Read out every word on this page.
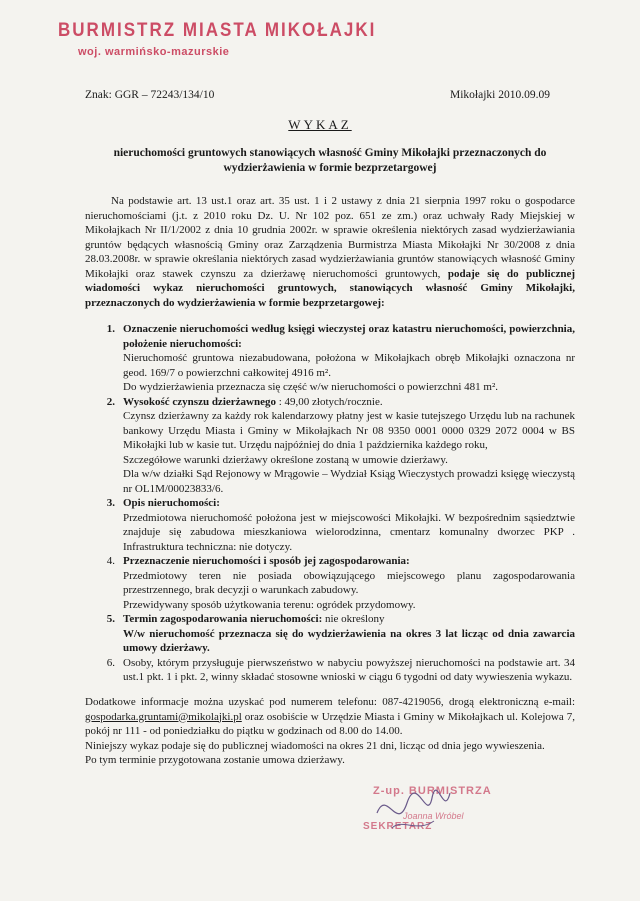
BURMISTRZ MIASTA MIKOŁAJKI
woj. warmińsko-mazurskie
Znak: GGR – 72243/134/10	Mikołajki 2010.09.09
WYKAZ
nieruchomości gruntowych stanowiących własność Gminy Mikołajki przeznaczonych do wydzierżawienia w formie bezprzetargowej

Na podstawie art. 13 ust.1 oraz art. 35 ust. 1 i 2 ustawy z dnia 21 sierpnia 1997 roku o gospodarce nieruchomościami (j.t. z 2010 roku Dz. U. Nr 102 poz. 651 ze zm.) oraz uchwały Rady Miejskiej w Mikołajkach Nr II/1/2002 z dnia 10 grudnia 2002r. w sprawie określenia niektórych zasad wydzierżawiania gruntów będących własnością Gminy oraz Zarządzenia Burmistrza Miasta Mikołajki Nr 30/2008 z dnia 28.03.2008r. w sprawie określania niektórych zasad wydzierżawiania gruntów stanowiących własność Gminy Mikołajki oraz stawek czynszu za dzierżawę nieruchomości gruntowych, podaje się do publicznej wiadomości wykaz nieruchomości gruntowych, stanowiących własność Gminy Mikołajki, przeznaczonych do wydzierżawienia w formie bezprzetargowej:

1. Oznaczenie nieruchomości według księgi wieczystej oraz katastru nieruchomości, powierzchnia, położenie nieruchomości:
Nieruchomość gruntowa niezabudowana, położona w Mikołajkach obręb Mikołajki oznaczona nr geod. 169/7 o powierzchni całkowitej 4916 m².
Do wydzierżawienia przeznacza się część w/w nieruchomości o powierzchni 481 m².
2. Wysokość czynszu dzierżawnego : 49,00 złotych/rocznie.
Czynsz dzierżawny za każdy rok kalendarzowy płatny jest w kasie tutejszego Urzędu lub na rachunek bankowy Urzędu Miasta i Gminy w Mikołajkach Nr 08 9350 0001 0000 0329 2072 0004 w BS Mikołajki lub w kasie tut. Urzędu najpóźniej do dnia 1 października każdego roku,
Szczegółowe warunki dzierżawy określone zostaną w umowie dzierżawy.
Dla w/w działki Sąd Rejonowy w Mrągowie – Wydział Ksiąg Wieczystych prowadzi księgę wieczystą nr OL1M/00023833/6.
3. Opis nieruchomości:
Przedmiotowa nieruchomość położona jest w miejscowości Mikołajki. W bezpośrednim sąsiedztwie znajduje się zabudowa mieszkaniowa wielorodzinna, cmentarz komunalny dworzec PKP . Infrastruktura techniczna: nie dotyczy.
4. Przeznaczenie nieruchomości i sposób jej zagospodarowania:
Przedmiotowy teren nie posiada obowiązującego miejscowego planu zagospodarowania przestrzennego, brak decyzji o warunkach zabudowy.
Przewidywany sposób użytkowania terenu: ogródek przydomowy.
5. Termin zagospodarowania nieruchomości: nie określony
W/w nieruchomość przeznacza się do wydzierżawienia na okres 3 lat licząc od dnia zawarcia umowy dzierżawy.
6. Osoby, którym przysługuje pierwszeństwo w nabyciu powyższej nieruchomości na podstawie art. 34 ust.1 pkt. 1 i pkt. 2, winny składać stosowne wnioski w ciągu 6 tygodni od daty wywieszenia wykazu.

Dodatkowe informacje można uzyskać pod numerem telefonu: 087-4219056, drogą elektroniczną e-mail: gospodarka.gruntami@mikolajki.pl oraz osobiście w Urzędzie Miasta i Gminy w Mikołajkach ul. Kolejowa 7, pokój nr 111 - od poniedziałku do piątku w godzinach od 8.00 do 14.00.

Niniejszy wykaz podaje się do publicznej wiadomości na okres 21 dni, licząc od dnia jego wywieszenia.

Po tym terminie przygotowana zostanie umowa dzierżawy.

Z-up. BURMISTRZA
Joanna Wróbel
SEKRETARZ
